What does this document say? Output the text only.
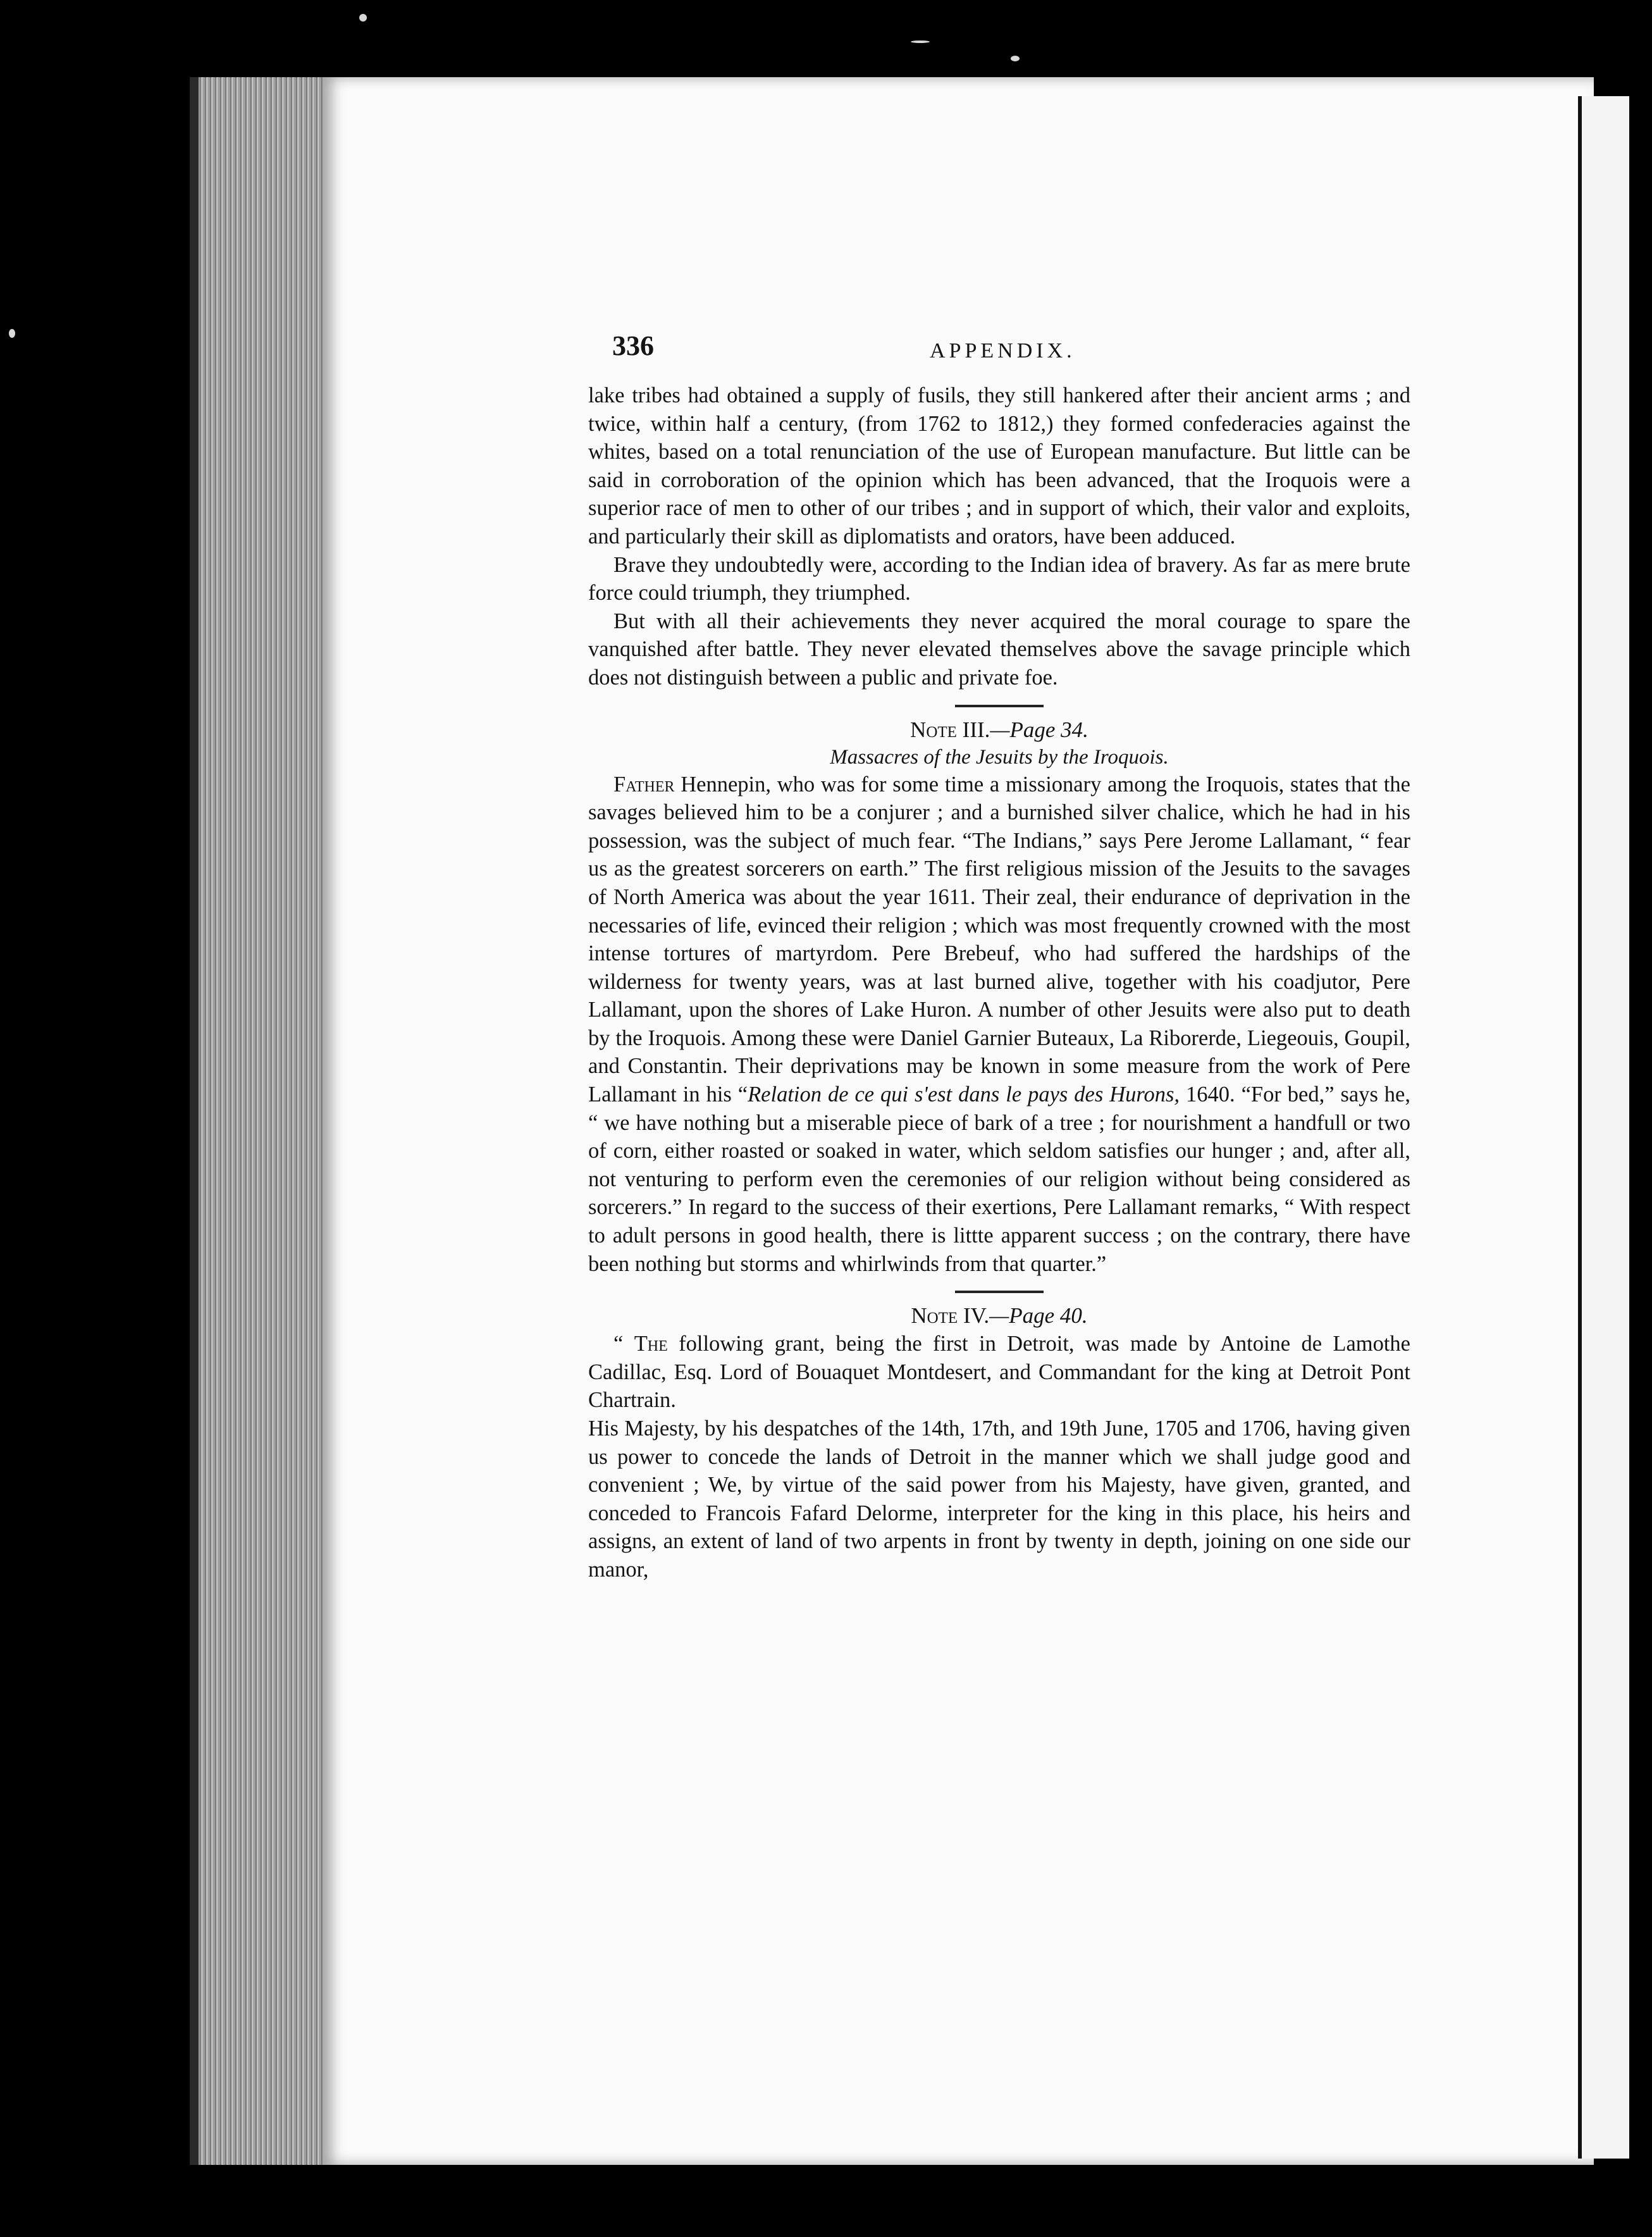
336	APPENDIX.

lake tribes had obtained a supply of fusils, they still hankered after their ancient arms ; and twice, within half a century, (from 1762 to 1812,) they formed confederacies against the whites, based on a total renunciation of the use of European manufacture. But little can be said in corroboration of the opinion which has been advanced, that the Iroquois were a superior race of men to other of our tribes ; and in support of which, their valor and exploits, and particularly their skill as diplomatists and orators, have been adduced.

Brave they undoubtedly were, according to the Indian idea of bravery. As far as mere brute force could triumph, they triumphed.

But with all their achievements they never acquired the moral courage to spare the vanquished after battle. They never elevated themselves above the savage principle which does not distinguish between a public and private foe.

Note III.—Page 34.
Massacres of the Jesuits by the Iroquois.

Father Hennepin, who was for some time a missionary among the Iroquois, states that the savages believed him to be a conjurer ; and a burnished silver chalice, which he had in his possession, was the subject of much fear. “The Indians,” says Pere Jerome Lallamant, “ fear us as the greatest sorcerers on earth.” The first religious mission of the Jesuits to the savages of North America was about the year 1611. Their zeal, their endurance of deprivation in the necessaries of life, evinced their religion ; which was most frequently crowned with the most intense tortures of martyrdom. Pere Brebeuf, who had suffered the hardships of the wilderness for twenty years, was at last burned alive, together with his coadjutor, Pere Lallamant, upon the shores of Lake Huron. A number of other Jesuits were also put to death by the Iroquois. Among these were Daniel Garnier Buteaux, La Riborerde, Liegeouis, Goupil, and Constantin. Their deprivations may be known in some measure from the work of Pere Lallamant in his “Relation de ce qui s'est dans le pays des Hurons, 1640. “For bed,” says he, “ we have nothing but a miserable piece of bark of a tree ; for nourishment a handfull or two of corn, either roasted or soaked in water, which seldom satisfies our hunger ; and, after all, not venturing to perform even the ceremonies of our religion without being considered as sorcerers.” In regard to the success of their exertions, Pere Lallamant remarks, “ With respect to adult persons in good health, there is littte apparent success ; on the contrary, there have been nothing but storms and whirlwinds from that quarter.”

Note IV.—Page 40.

“ The following grant, being the first in Detroit, was made by Antoine de Lamothe Cadillac, Esq. Lord of Bouaquet Montdesert, and Commandant for the king at Detroit Pont Chartrain.

His Majesty, by his despatches of the 14th, 17th, and 19th June, 1705 and 1706, having given us power to concede the lands of Detroit in the manner which we shall judge good and convenient ; We, by virtue of the said power from his Majesty, have given, granted, and conceded to Francois Fafard Delorme, interpreter for the king in this place, his heirs and assigns, an extent of land of two arpents in front by twenty in depth, joining on one side our manor,
